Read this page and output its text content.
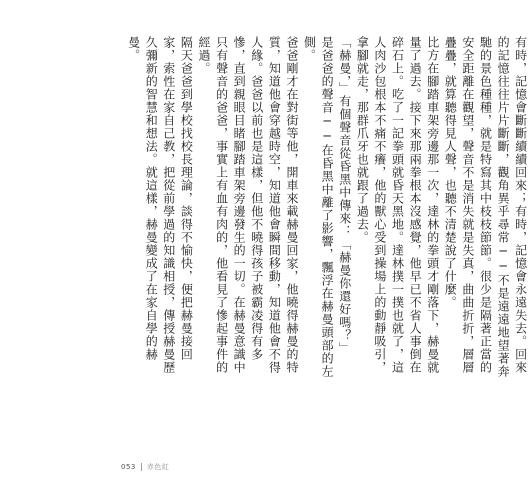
有時，記憶會斷斷續續回來；有時，記憶會永遠失去。回來的記憶往往片片斷斷，觀角異乎尋常──不是遠遠地望著奔馳的景色種種，就是特寫其中枝枝節節。很少是隔著正當的安全距離在觀望，聲音不是消失就是失真，曲曲折折，層層疊疊，就算聽得見人聲，也聽不清楚說了什麼。

比方在腳踏車架旁邊那一次，達林的拳頭才剛落下，赫曼就量了過去。接下來那兩拳根本沒感覺，他早已不省人事倒在碎石上。吃了一記拳頭就昏天黑地。達林撲一撲也就了，這人肉沙包根本不痛不癢，他的獸心受到操場上的動靜吸引，拿腳就走，那群爪牙也就跟了過去。

「赫曼，」有個聲音從昏黑中傳來：「赫曼你還好嗎？」

是爸爸的聲音──在昏黑中離了影響，飄浮在赫曼頭部的左側。

爸爸剛才在對街等他，開車來載赫曼回家，他曉得赫曼的特質，知道他會穿越時空，知道他會瞬間移動，知道他會不得人緣。爸爸以前也是這樣，但他不曉得孩子被霸凌得有多慘，直到親眼目睹腳踏車架旁邊發生的一切。在赫曼意識中只有聲音的爸爸，事實上有血有肉的，他看見了慘起事件的經過。

隔天爸爸到學校找校長理論，談得不愉快，便把赫曼接回家，索性在家自己教，把從前學過的知識相授，傳授赫曼歷久彌新的智慧和想法。就這樣，赫曼變成了在家自學的赫曼。

053 赤色紅
